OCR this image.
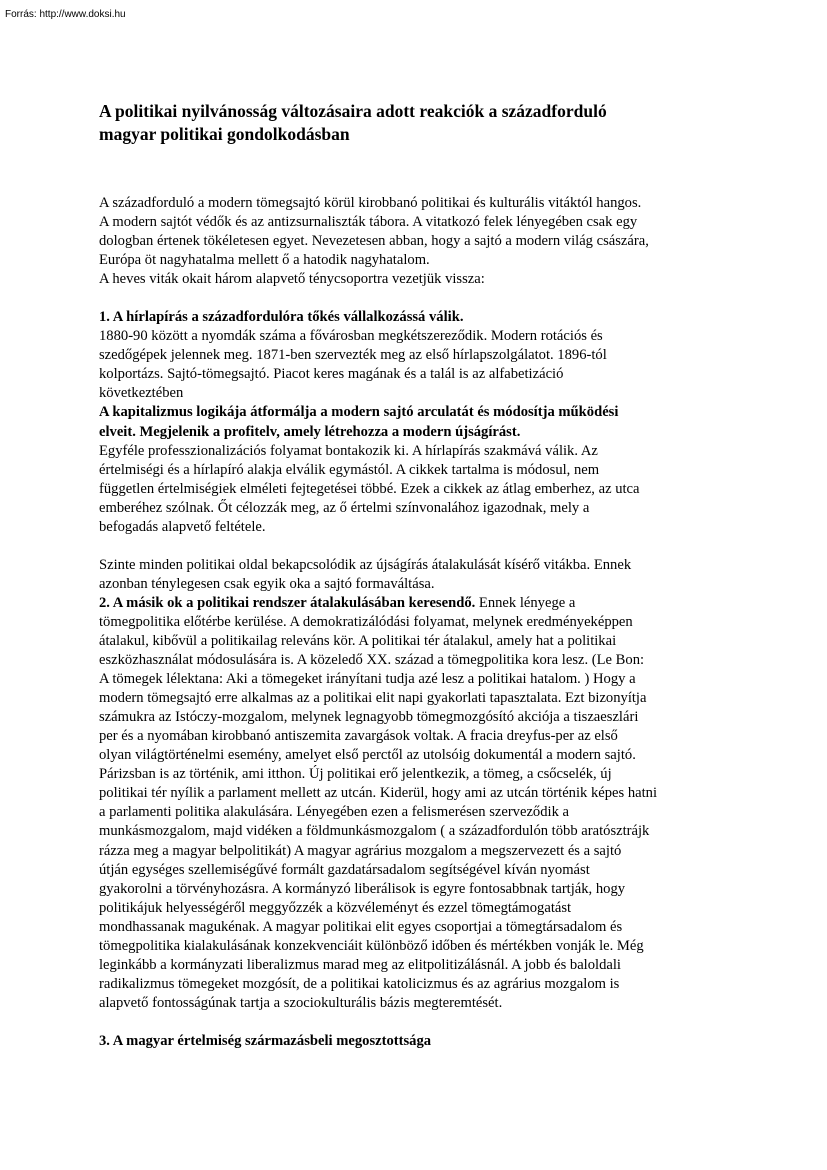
Forrás: http://www.doksi.hu
A politikai nyilvánosság változásaira adott reakciók a századforduló
magyar politikai gondolkodásban

A századforduló a modern tömegsajtó körül kirobbanó politikai és kulturális vitáktól hangos.
A modern sajtót védők és az antizsurnaliszták tábora. A vitatkozó felek lényegében csak egy
dologban értenek tökéletesen egyet. Nevezetesen abban, hogy a sajtó a modern világ császára,
Európa öt nagyhatalma mellett ő a hatodik nagyhatalom.
A heves viták okait három alapvető ténycsoportra vezetjük vissza:

1. A hírlapírás a századfordulóra tőkés vállalkozássá válik.
1880-90 között a nyomdák száma a fővárosban megkétszereződik. Modern rotációs és
szedőgépek jelennek meg. 1871-ben szervezték meg az első hírlapszolgálatot. 1896-tól
kolportázs. Sajtó-tömegsajtó. Piacot keres magának és a talál is az alfabetizáció
következtében
A kapitalizmus logikája átformálja a modern sajtó arculatát és módosítja működési
elveit. Megjelenik a profitelv, amely létrehozza a modern újságírást.
Egyféle professzionalizációs folyamat bontakozik ki. A hírlapírás szakmává válik. Az
értelmiségi és a hírlapíró alakja elválik egymástól. A cikkek tartalma is módosul, nem
független értelmiségiek elméleti fejtegetései többé. Ezek a cikkek az átlag emberhez, az utca
emberéhez szólnak. Őt célozzák meg, az ő értelmi színvonalához igazodnak, mely a
befogadás alapvető feltétele.

Szinte minden politikai oldal bekapcsolódik az újságírás átalakulását kísérő vitákba. Ennek
azonban ténylegesen csak egyik oka a sajtó formaváltása.
2. A másik ok a politikai rendszer átalakulásában keresendő. Ennek lényege a
tömegpolitika előtérbe kerülése. A demokratizálódási folyamat, melynek eredményeképpen
átalakul, kibővül a politikailag releváns kör. A politikai tér átalakul, amely hat a politikai
eszközhasználat módosulására is. A közeledő XX. század a tömegpolitika kora lesz. (Le Bon:
A tömegek lélektana: Aki a tömegeket irányítani tudja azé lesz a politikai hatalom. ) Hogy a
modern tömegsajtó erre alkalmas az a politikai elit napi gyakorlati tapasztalata. Ezt bizonyítja
számukra az Istóczy-mozgalom, melynek legnagyobb tömegmozgósító akciója a tiszaeszlári
per és a nyomában kirobbanó antiszemita zavargások voltak. A fracia dreyfus-per az első
olyan világtörténelmi esemény, amelyet első perctől az utolsóig dokumentál a modern sajtó.
Párizsban is az történik, ami itthon. Új politikai erő jelentkezik, a tömeg, a csőcselék, új
politikai tér nyílik a parlament mellett az utcán. Kiderül, hogy ami az utcán történik képes hatni
a parlamenti politika alakulására. Lényegében ezen a felismerésen szerveződik a
munkásmozgalom, majd vidéken a földmunkásmozgalom ( a századfordulón több aratósztrájk
rázza meg a magyar belpolitikát) A magyar agrárius mozgalom a megszervezett és a sajtó
útján egységes szellemiségűvé formált gazdatársadalom segítségével kíván nyomást
gyakorolni a törvényhozásra. A kormányzó liberálisok is egyre fontosabbnak tartják, hogy
politikájuk helyességéről meggyőzzék a közvéleményt és ezzel tömegtámogatást
mondhassanak magukénak. A magyar politikai elit egyes csoportjai a tömegtársadalom és
tömegpolitika kialakulásának konzekvenciáit különböző időben és mértékben vonják le. Még
leginkább a kormányzati liberalizmus marad meg az elitpolitizálásnál. A jobb és baloldali
radikalizmus tömegeket mozgósít, de a politikai katolicizmus és az agrárius mozgalom is
alapvető fontosságúnak tartja a szociokulturális bázis megteremtését.

3. A magyar értelmiség származásbeli megosztottsága
